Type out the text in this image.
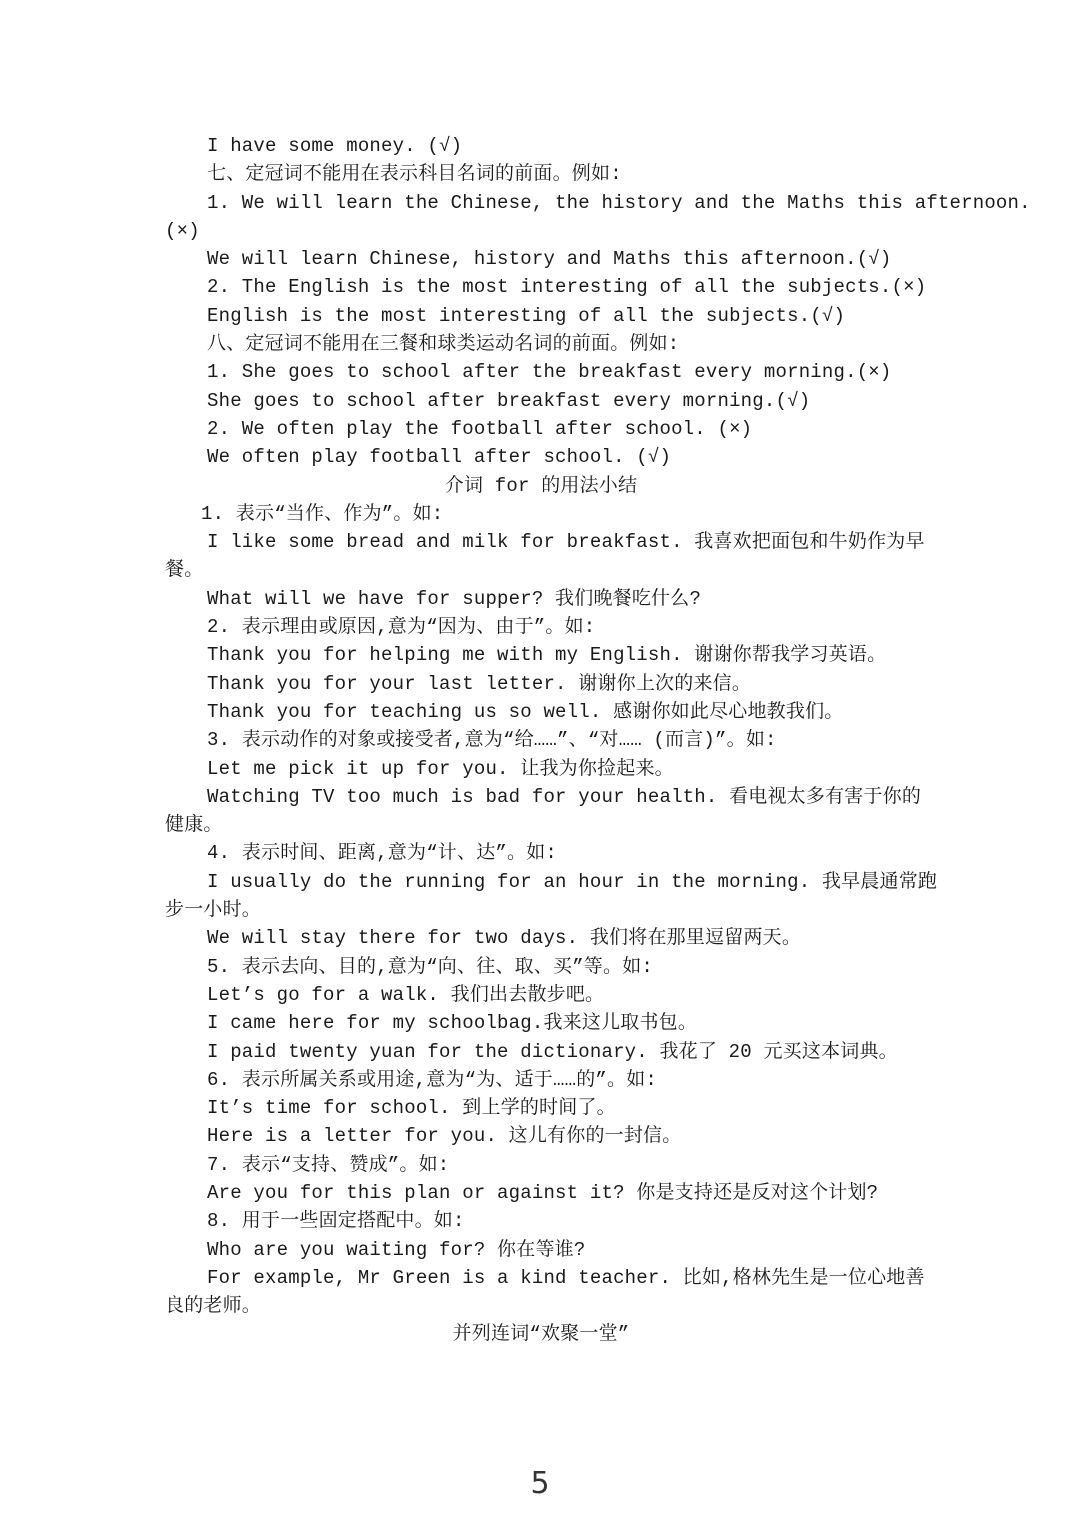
I have some money. (√)
七、定冠词不能用在表示科目名词的前面。例如:
1. We will learn the Chinese, the history and the Maths this afternoon.
(×)
We will learn Chinese, history and Maths this afternoon.(√)
2. The English is the most interesting of all the subjects.(×)
English is the most interesting of all the subjects.(√)
八、定冠词不能用在三餐和球类运动名词的前面。例如:
1. She goes to school after the breakfast every morning.(×)
She goes to school after breakfast every morning.(√)
2. We often play the football after school. (×)
We often play football after school. (√)
介词 for 的用法小结
1. 表示“当作、作为”。如:
I like some bread and milk for breakfast. 我喜欢把面包和牛奶作为早
餐。
What will we have for supper? 我们晚餐吃什么?
2. 表示理由或原因,意为“因为、由于”。如:
Thank you for helping me with my English. 谢谢你帮我学习英语。
Thank you for your last letter. 谢谢你上次的来信。
Thank you for teaching us so well. 感谢你如此尽心地教我们。
3. 表示动作的对象或接受者,意为“给……”、“对…… (而言)”。如:
Let me pick it up for you. 让我为你捡起来。
Watching TV too much is bad for your health. 看电视太多有害于你的
健康。
4. 表示时间、距离,意为“计、达”。如:
I usually do the running for an hour in the morning. 我早晨通常跑
步一小时。
We will stay there for two days. 我们将在那里逗留两天。
5. 表示去向、目的,意为“向、往、取、买”等。如:
Let’s go for a walk. 我们出去散步吧。
I came here for my schoolbag.我来这儿取书包。
I paid twenty yuan for the dictionary. 我花了 20 元买这本词典。
6. 表示所属关系或用途,意为“为、适于……的”。如:
It’s time for school. 到上学的时间了。
Here is a letter for you. 这儿有你的一封信。
7. 表示“支持、赞成”。如:
Are you for this plan or against it? 你是支持还是反对这个计划?
8. 用于一些固定搭配中。如:
Who are you waiting for? 你在等谁?
For example, Mr Green is a kind teacher. 比如,格林先生是一位心地善
良的老师。
并列连词“欢聚一堂”
5
